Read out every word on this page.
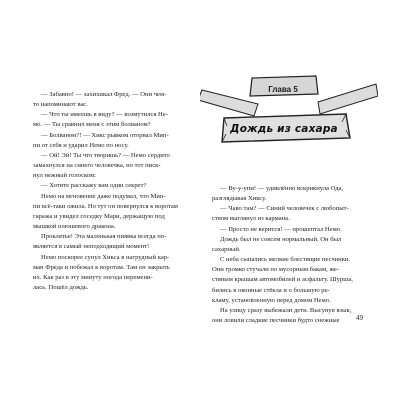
— Забавно! — захихикал Фред. — Они чем-

то напоминают вас.

— Что ты имеешь в виду? — возмутился Не-

мо. — Ты сравнил меня с этим болваном?

— Болваном?! — Хикс рывком оторвал Мип-

пи от себя и ударил Немо по носу.

— Ой! Эй! Ты что творишь? — Немо сердито

замахнулся на синего человечка, но тот писк-

нул нежный голоском:

— Хотите расскажу вам один секрет?

Немо на мгновение даже подумал, что Мип-

пи всё-таки ожила. Но тут он повернулся к воротам

гаража и увидел соседку Мари, держащую под

мышкой плюшевого дракона.

Проклятье! Эта маленькая пиявка всегда по-

является в самый неподходящий момент!

Немо поскорее сунул Хикса в нагрудный кар-

ман Фреда и побежал к воротам. Там он закрыть

их. Как раз в эту минуту погода перемени-

лась. Пошёл дождь.

Глава 5
Дождь из сахара

— Ву-у-упи! — удивлённо вскрикнула Ода,

разглядывая Хиксу.

— Чаво там? — Синий человечек с любопыт-

ством выглянул из кармана.

— Просто не верится! — прошептал Немо.

Дождь был не совсем нормальный. Он был

сахарный.

С неба сыпались мелкие блестящие песчинки.

Они громко стучали по мусорным бакам, же-

стяным крышам автомобилей и асфальту. Шурша,

бились в оконные стёкла и о большую ре-

кламу, установленную перед домом Немо.

На улицу сразу выбежали дети. Высунув язык,

они ловили сладкие песчинки будто снежные	49
